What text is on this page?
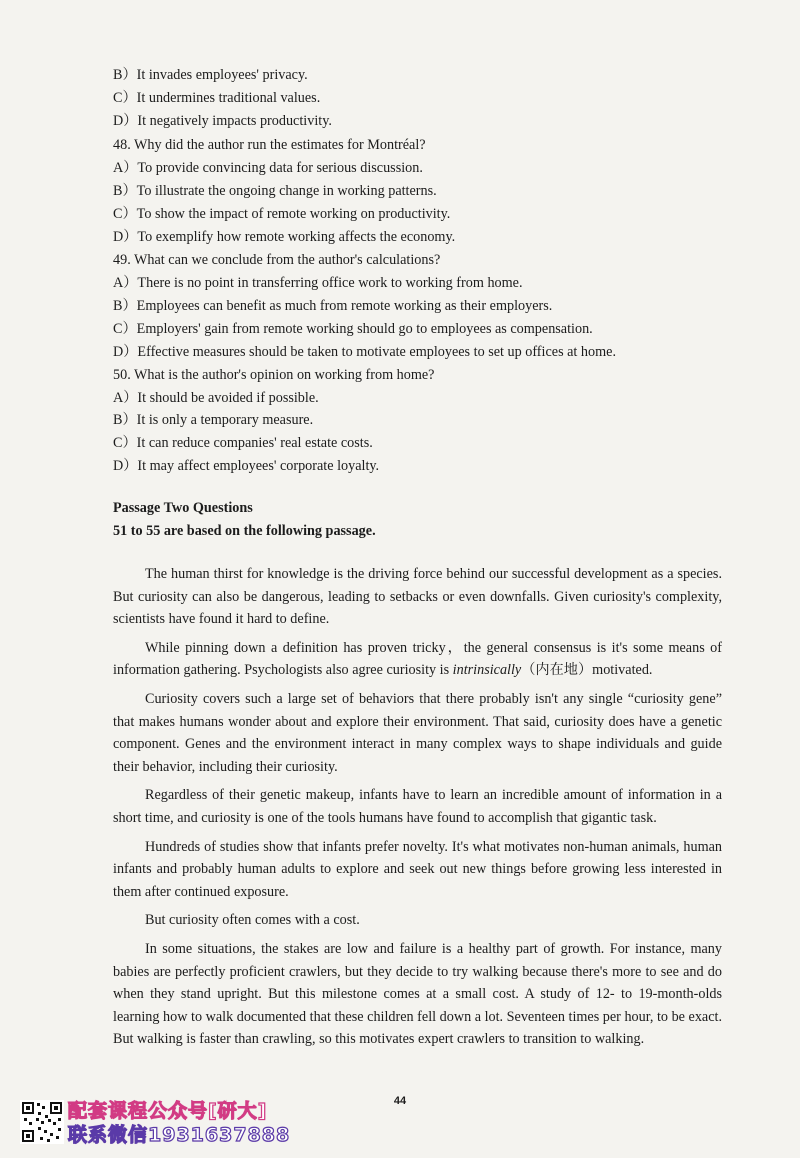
B）It invades employees' privacy.
C）It undermines traditional values.
D）It negatively impacts productivity.
48. Why did the author run the estimates for Montréal?
A）To provide convincing data for serious discussion.
B）To illustrate the ongoing change in working patterns.
C）To show the impact of remote working on productivity.
D）To exemplify how remote working affects the economy.
49. What can we conclude from the author's calculations?
A）There is no point in transferring office work to working from home.
B）Employees can benefit as much from remote working as their employers.
C）Employers' gain from remote working should go to employees as compensation.
D）Effective measures should be taken to motivate employees to set up offices at home.
50. What is the author's opinion on working from home?
A）It should be avoided if possible.
B）It is only a temporary measure.
C）It can reduce companies' real estate costs.
D）It may affect employees' corporate loyalty.
Passage Two Questions
51 to 55 are based on the following passage.

The human thirst for knowledge is the driving force behind our successful development as a species. But curiosity can also be dangerous, leading to setbacks or even downfalls. Given curiosity's complexity, scientists have found it hard to define.

While pinning down a definition has proven tricky，the general consensus is it's some means of information gathering. Psychologists also agree curiosity is intrinsically（内在地）motivated.

Curiosity covers such a large set of behaviors that there probably isn't any single “curiosity gene” that makes humans wonder about and explore their environment. That said, curiosity does have a genetic component. Genes and the environment interact in many complex ways to shape individuals and guide their behavior, including their curiosity.

Regardless of their genetic makeup, infants have to learn an incredible amount of information in a short time, and curiosity is one of the tools humans have found to accomplish that gigantic task.

Hundreds of studies show that infants prefer novelty. It's what motivates non-human animals, human infants and probably human adults to explore and seek out new things before growing less interested in them after continued exposure.

But curiosity often comes with a cost.

In some situations, the stakes are low and failure is a healthy part of growth. For instance, many babies are perfectly proficient crawlers, but they decide to try walking because there's more to see and do when they stand upright. But this milestone comes at a small cost. A study of 12- to 19-month-olds learning how to walk documented that these children fell down a lot. Seventeen times per hour, to be exact. But walking is faster than crawling, so this motivates expert crawlers to transition to walking.

44
配套课程公众号[研大]
联系微信1931637888
